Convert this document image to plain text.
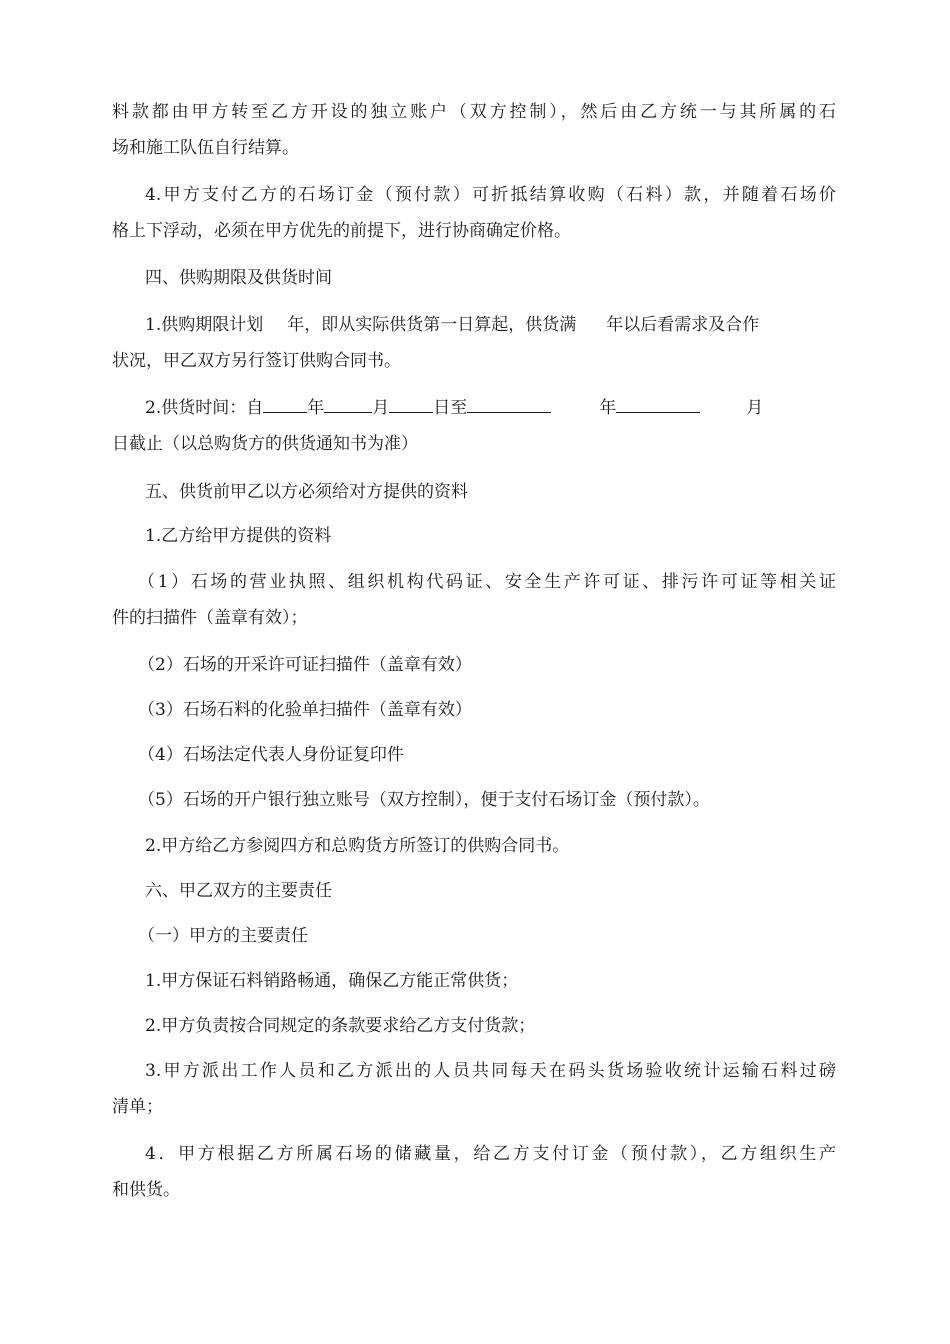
料款都由甲方转至乙方开设的独立账户（双方控制），然后由乙方统一与其所属的石
场和施工队伍自行结算。
4.甲方支付乙方的石场订金（预付款）可折抵结算收购（石料）款，并随着石场价
格上下浮动，必须在甲方优先的前提下，进行协商确定价格。
四、供购期限及供货时间
1.供购期限计划 年，即从实际供货第一日算起，供货满 年以后看需求及合作
状况，甲乙双方另行签订供购合同书。
2.供货时间：自	年	月	日至	年	月
日截止（以总购货方的供货通知书为准）
五、供货前甲乙以方必须给对方提供的资料
1.乙方给甲方提供的资料
（1）石场的营业执照、组织机构代码证、安全生产许可证、排污许可证等相关证
件的扫描件（盖章有效）；
（2）石场的开采许可证扫描件（盖章有效）
（3）石场石料的化验单扫描件（盖章有效）
（4）石场法定代表人身份证复印件
（5）石场的开户银行独立账号（双方控制），便于支付石场订金（预付款）。
2.甲方给乙方参阅四方和总购货方所签订的供购合同书。
六、甲乙双方的主要责任
（一）甲方的主要责任
1.甲方保证石料销路畅通，确保乙方能正常供货；
2.甲方负责按合同规定的条款要求给乙方支付货款；
3.甲方派出工作人员和乙方派出的人员共同每天在码头货场验收统计运输石料过磅
清单；
4．甲方根据乙方所属石场的储藏量，给乙方支付订金（预付款），乙方组织生产
和供货。
